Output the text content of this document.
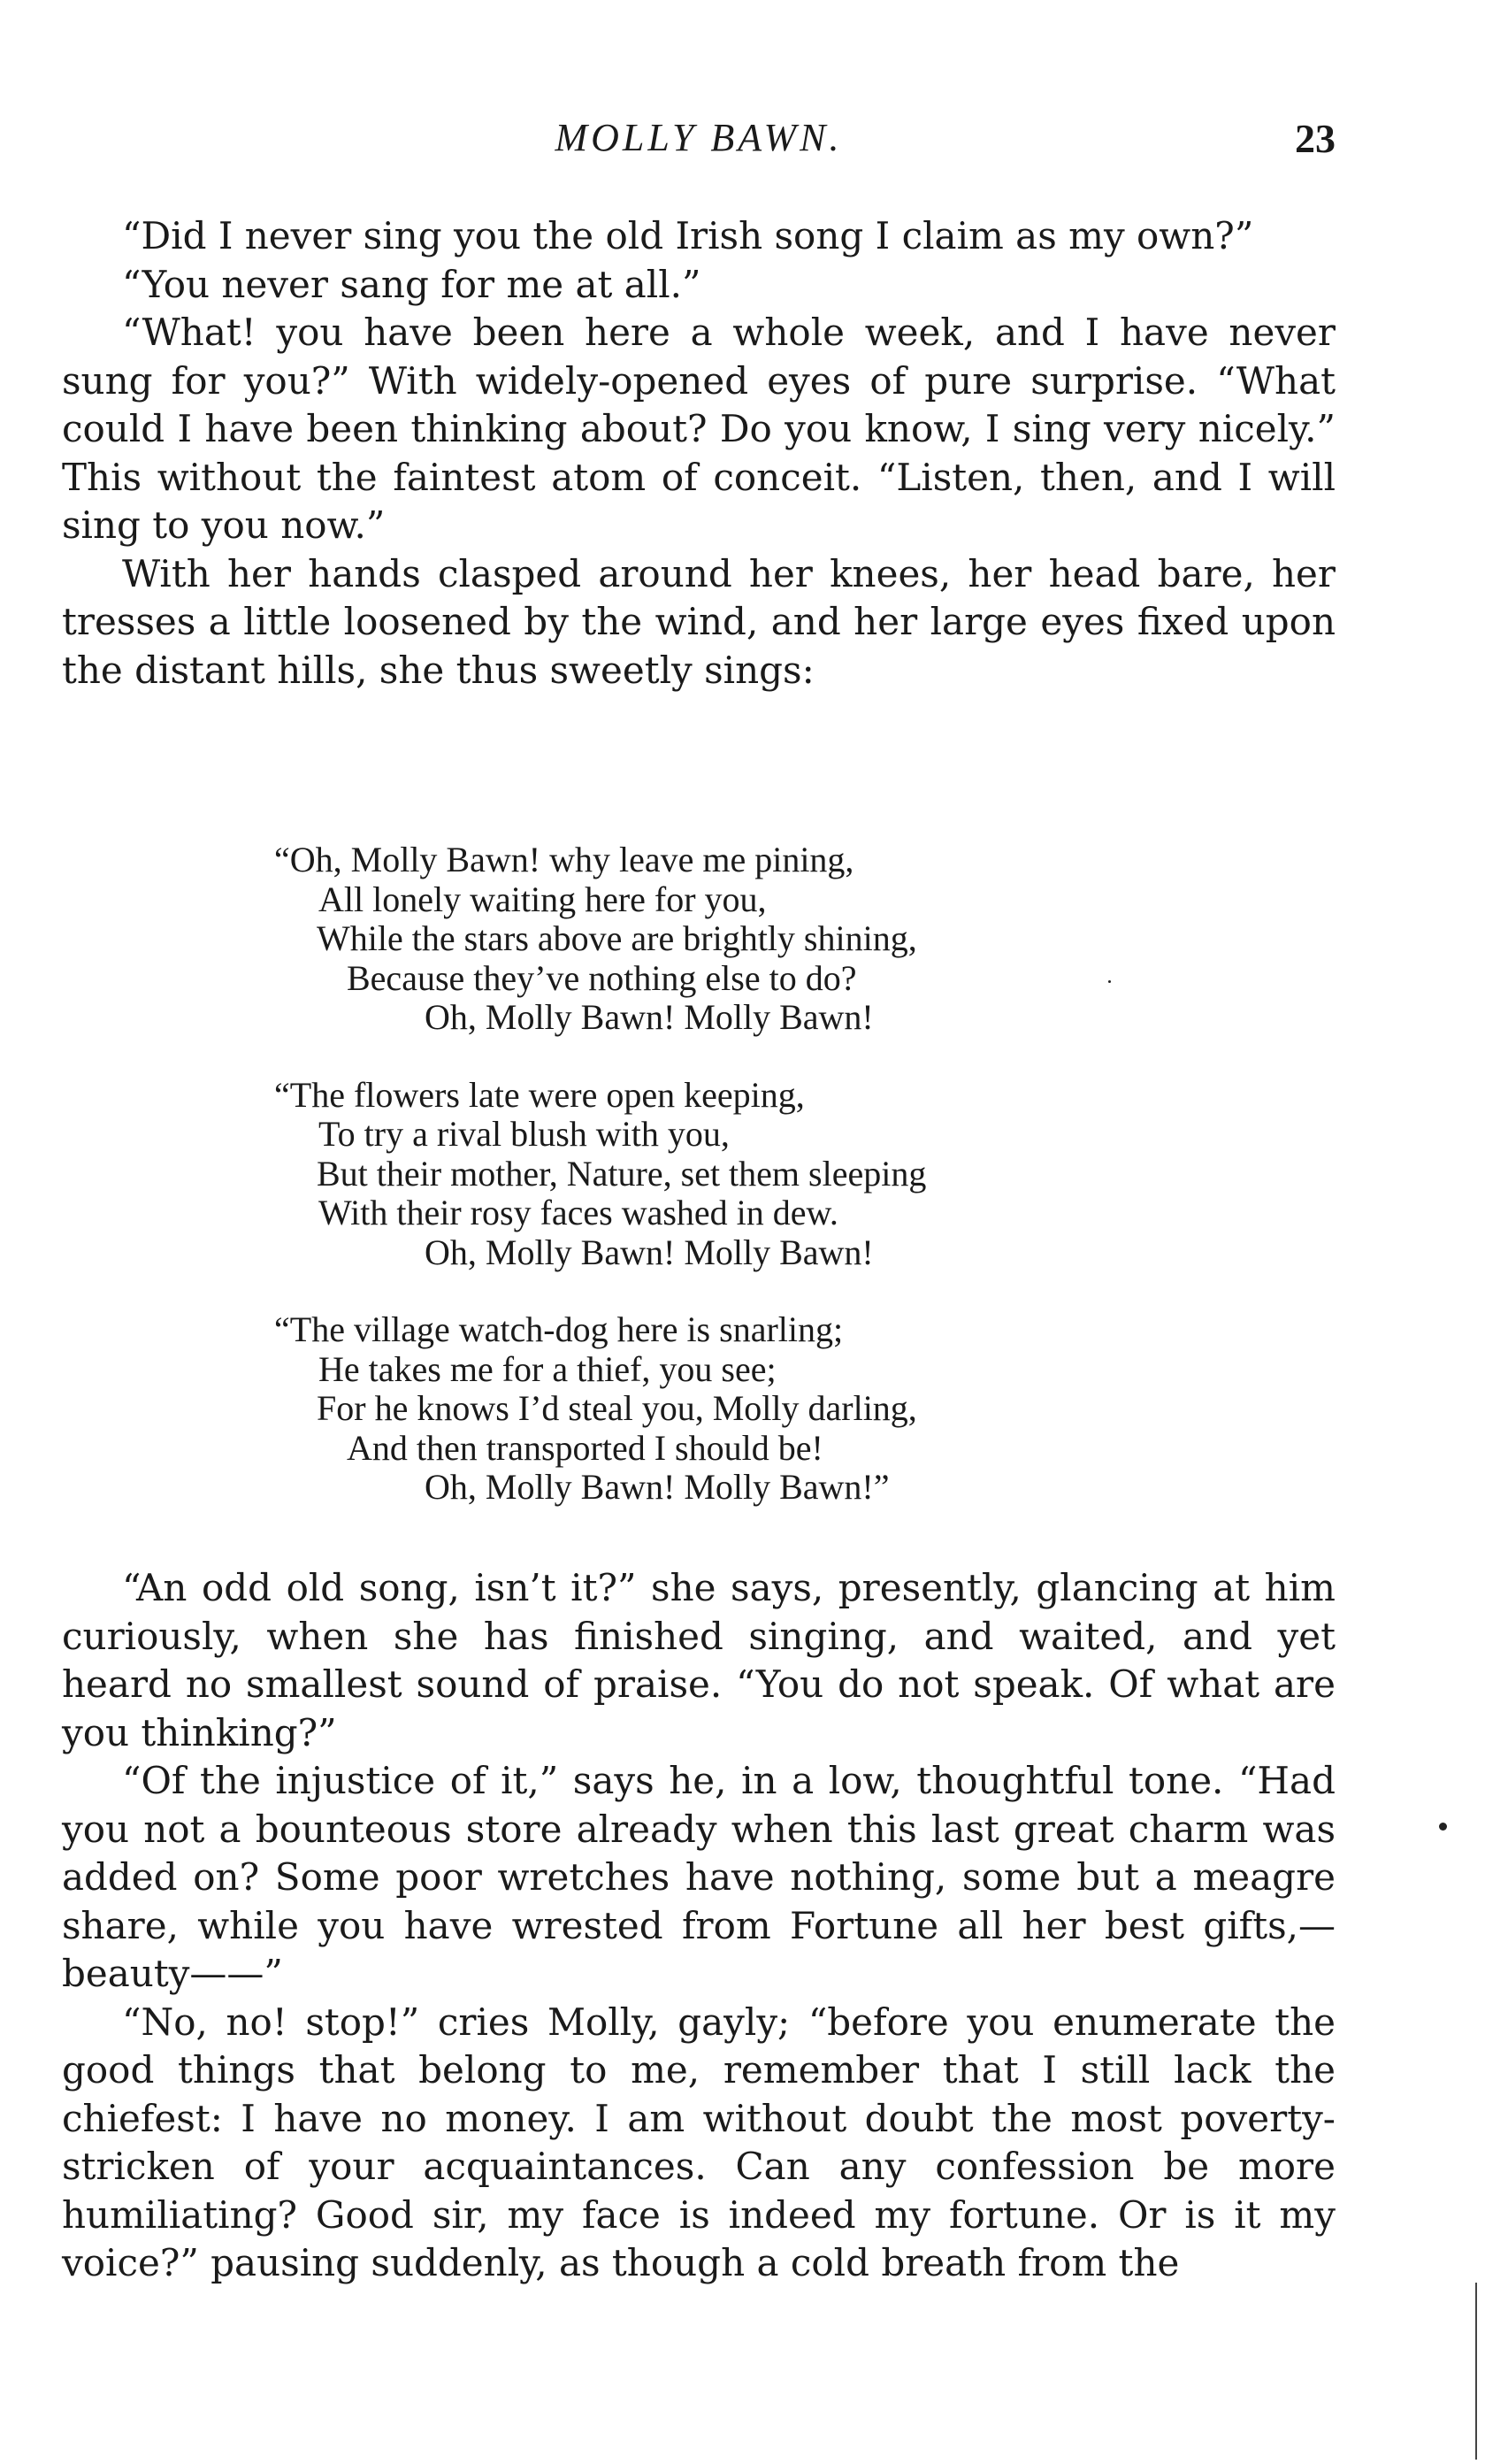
MOLLY BAWN.	23

“Did I never sing you the old Irish song I claim as my own?”

“You never sang for me at all.”

“What! you have been here a whole week, and I have never sung for you?” With widely-opened eyes of pure surprise. “What could I have been thinking about? Do you know, I sing very nicely.” This without the faintest atom of conceit. “Listen, then, and I will sing to you now.”

With her hands clasped around her knees, her head bare, her tresses a little loosened by the wind, and her large eyes fixed upon the distant hills, she thus sweetly sings:

“Oh, Molly Bawn! why leave me pining,
All lonely waiting here for you,
While the stars above are brightly shining,
Because they’ve nothing else to do?
Oh, Molly Bawn! Molly Bawn!
“The flowers late were open keeping,
To try a rival blush with you,
But their mother, Nature, set them sleeping
With their rosy faces washed in dew.
Oh, Molly Bawn! Molly Bawn!
“The village watch-dog here is snarling;
He takes me for a thief, you see;
For he knows I’d steal you, Molly darling,
And then transported I should be!
Oh, Molly Bawn! Molly Bawn!”

“An odd old song, isn’t it?” she says, presently, glancing at him curiously, when she has finished singing, and waited, and yet heard no smallest sound of praise. “You do not speak. Of what are you thinking?”

“Of the injustice of it,” says he, in a low, thoughtful tone. “Had you not a bounteous store already when this last great charm was added on? Some poor wretches have nothing, some but a meagre share, while you have wrested from Fortune all her best gifts,—beauty——”

“No, no! stop!” cries Molly, gayly; “before you enumerate the good things that belong to me, remember that I still lack the chiefest: I have no money. I am without doubt the most poverty-stricken of your acquaintances. Can any confession be more humiliating? Good sir, my face is indeed my fortune. Or is it my voice?” pausing suddenly, as though a cold breath from the
